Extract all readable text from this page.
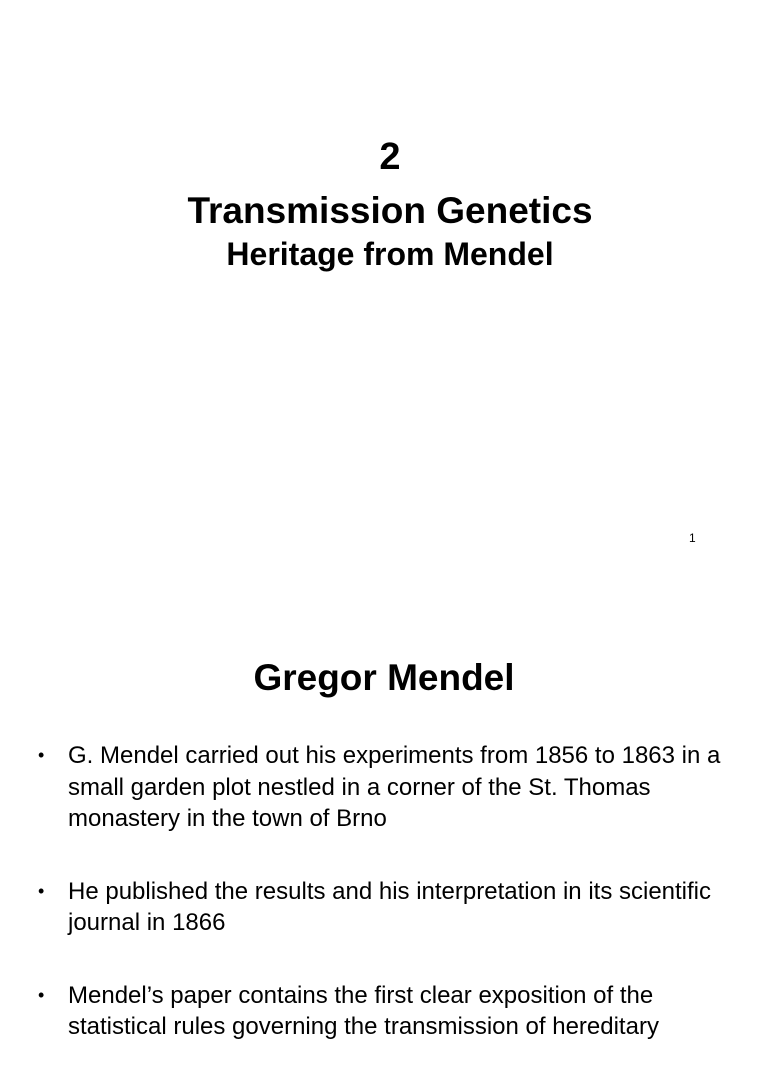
2
Transmission Genetics
Heritage from Mendel
1
Gregor Mendel
• G. Mendel carried out his experiments from 1856 to 1863 in a small garden plot nestled in a corner of the St. Thomas monastery in the town of Brno
• He published the results and his interpretation in its scientific journal in 1866
• Mendel’s paper contains the first clear exposition of the statistical rules governing the transmission of hereditary
